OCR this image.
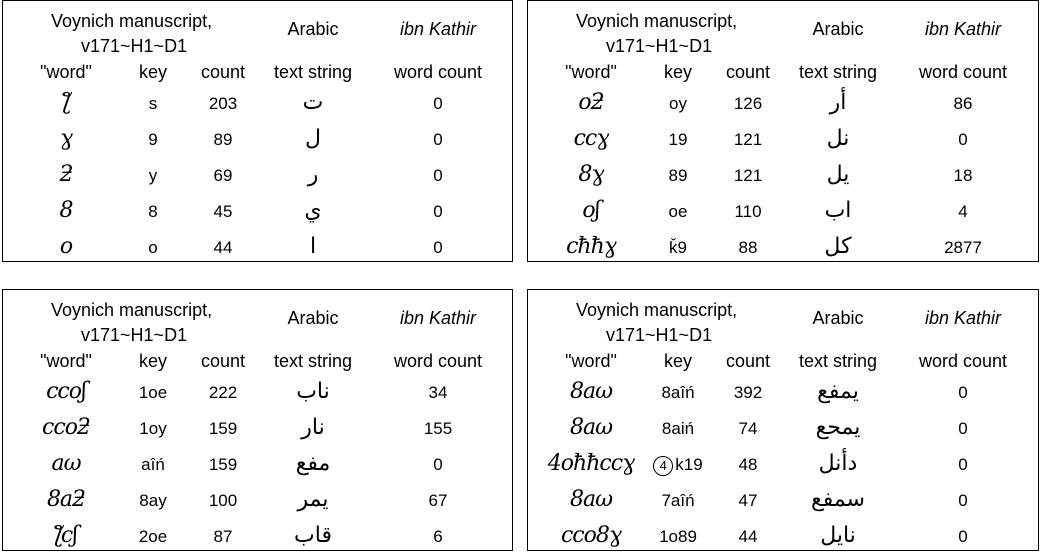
Voynich manuscript,
v171~H1~D1
Arabic	ibn Kathir
"word"	key	count	text string	word count
ƪ	s	203	ت	0
ɣ	9	89	ل	0
ƻ	y	69	ر	0
8	8	45	ي	0
o	o	44	ا	0
Voynich manuscript,
v171~H1~D1
Arabic	ibn Kathir
"word"	key	count	text string	word count
oƻ	oy	126	أر	86
ccɣ	19	121	نل	0
8ɣ	89	121	يل	18
oʃ	oe	110	اب	4
cħħɣ	ǩ9	88	كل	2877
Voynich manuscript,
v171~H1~D1
Arabic	ibn Kathir
"word"	key	count	text string	word count
ccoʃ	1oe	222	ناب	34
ccoƻ	1oy	159	نار	155
aω	aîń	159	مفع	0
8aƻ	8ay	100	يمر	67
ƪcʃ	2oe	87	قاب	6
Voynich manuscript,
v171~H1~D1
Arabic	ibn Kathir
"word"	key	count	text string	word count
8aω	8aîń	392	يمفع	0
8aω	8aiń	74	يمحع	0
4oħħccɣ	4 k19	48	دأنل	0
8aω	7aîń	47	سمفع	0
cco8ɣ	1o89	44	نايل	0
